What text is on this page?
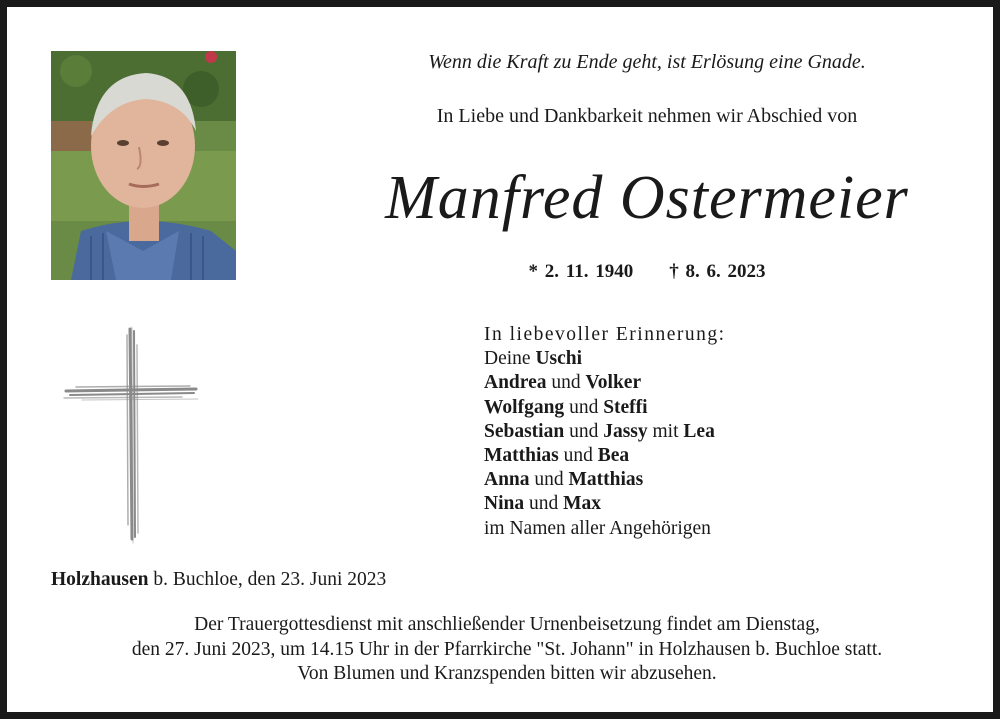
Wenn die Kraft zu Ende geht, ist Erlösung eine Gnade.
In Liebe und Dankbarkeit nehmen wir Abschied von
Manfred Ostermeier
* 2. 11. 1940 † 8. 6. 2023
In liebevoller Erinnerung:
Deine Uschi
Andrea und Volker
Wolfgang und Steffi
Sebastian und Jassy mit Lea
Matthias und Bea
Anna und Matthias
Nina und Max
im Namen aller Angehörigen
Holzhausen b. Buchloe, den 23. Juni 2023
Der Trauergottesdienst mit anschließender Urnenbeisetzung findet am Dienstag,
den 27. Juni 2023, um 14.15 Uhr in der Pfarrkirche "St. Johann" in Holzhausen b. Buchloe statt.
Von Blumen und Kranzspenden bitten wir abzusehen.
